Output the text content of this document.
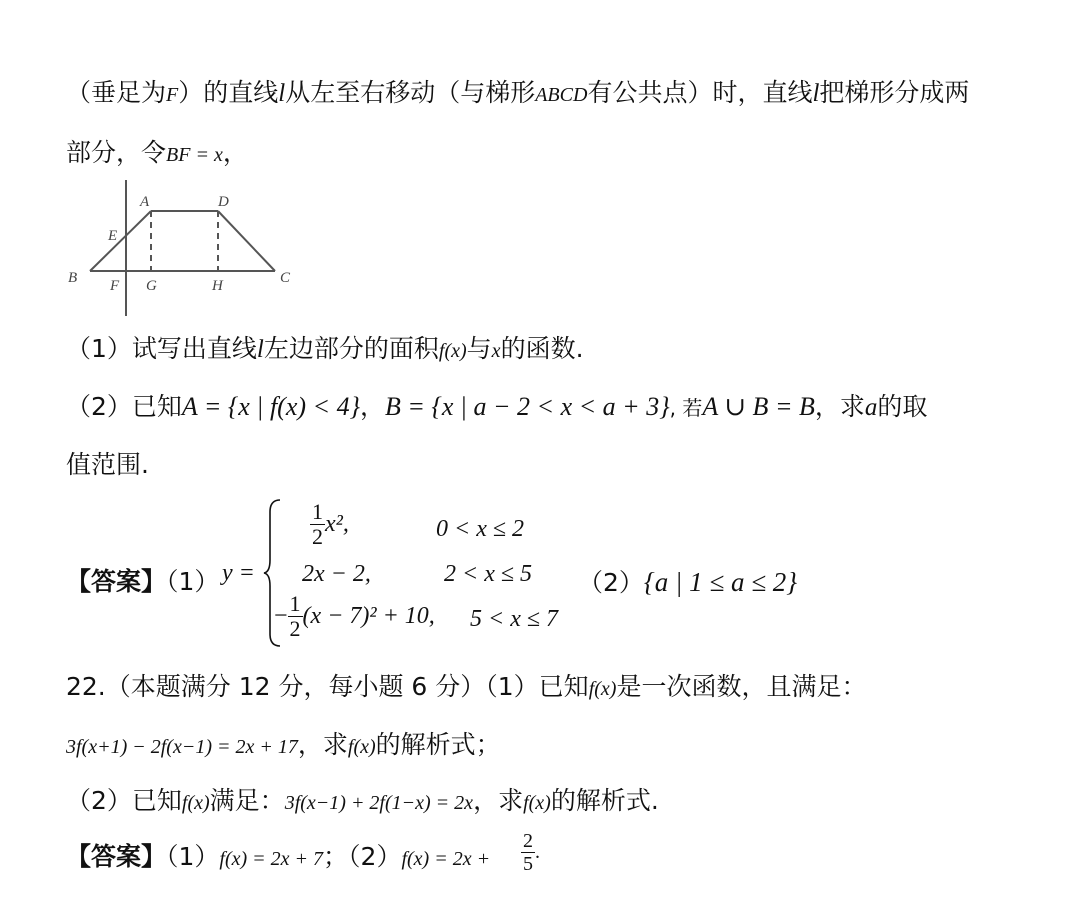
（垂足为F）的直线l从左至右移动（与梯形ABCD有公共点）时，直线l把梯形分成两
部分，令BF = x，
A	D
E
B F G	H	C
（1）试写出直线l左边部分的面积f(x)与x的函数.
（2）已知A = {x | f(x) < 4}，B = {x | a − 2 < x < a + 3}, 若A ∪ B = B，求a的取
值范围.
【答案】（1） y =
$\frac{1}{2} x^2$,	0 < x ≤ 2
2x − 2,	2 < x ≤ 5
− $\frac{1}{2} (x - 7)^2 + 10$, 5 < x ≤ 7
（2）{a | 1 ≤ a ≤ 2}
22.（本题满分 12 分，每小题 6 分）（1）已知f(x)是一次函数，且满足：
3f(x+1) − 2f(x−1) = 2x + 17，求f(x)的解析式；
（2）已知f(x)满足：3f(x−1) + 2f(1−x) = 2x，求f(x)的解析式.
【答案】（1）f(x) = 2x + 7；$(2)f(x) = 2x + \frac{2}{5}$ .
